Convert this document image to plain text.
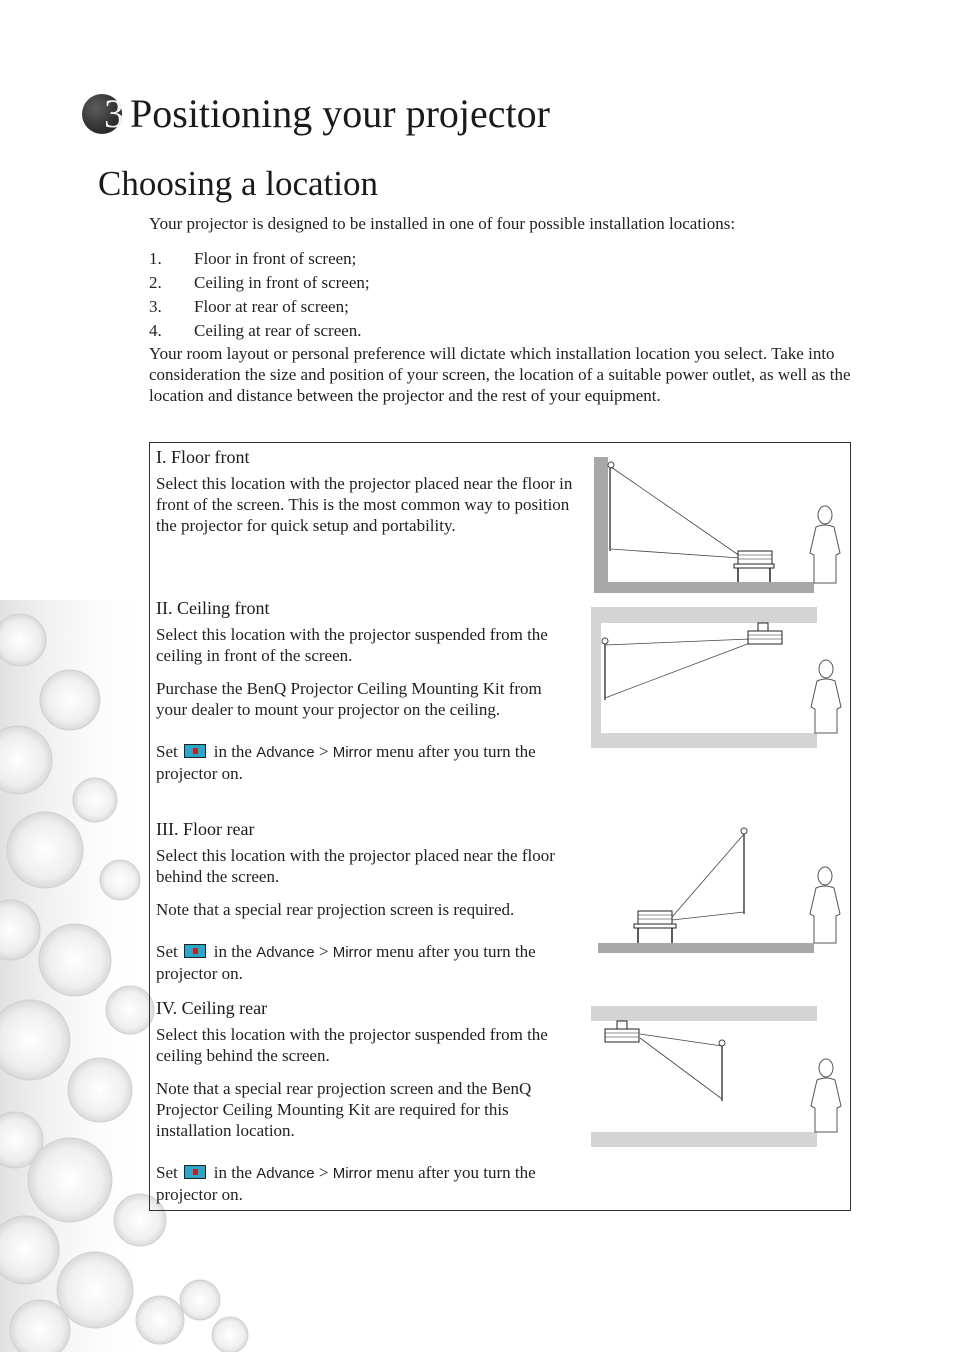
3 Positioning your projector
Choosing a location
Your projector is designed to be installed in one of four possible installation locations:
1. Floor in front of screen;
2. Ceiling in front of screen;
3. Floor at rear of screen;
4. Ceiling at rear of screen.
Your room layout or personal preference will dictate which installation location you select. Take into consideration the size and position of your screen, the location of a suitable power outlet, as well as the location and distance between the projector and the rest of your equipment.
I. Floor front

Select this location with the projector placed near the floor in front of the screen. This is the most common way to position the projector for quick setup and portability.

II. Ceiling front

Select this location with the projector suspended from the ceiling in front of the screen.

Purchase the BenQ Projector Ceiling Mounting Kit from your dealer to mount your projector on the ceiling.

Set in the Advance > Mirror menu after you turn the projector on.

III. Floor rear

Select this location with the projector placed near the floor behind the screen.

Note that a special rear projection screen is required.

Set in the Advance > Mirror menu after you turn the projector on.

IV. Ceiling rear

Select this location with the projector suspended from the ceiling behind the screen.

Note that a special rear projection screen and the BenQ Projector Ceiling Mounting Kit are required for this installation location.

Set in the Advance > Mirror menu after you turn the projector on.
